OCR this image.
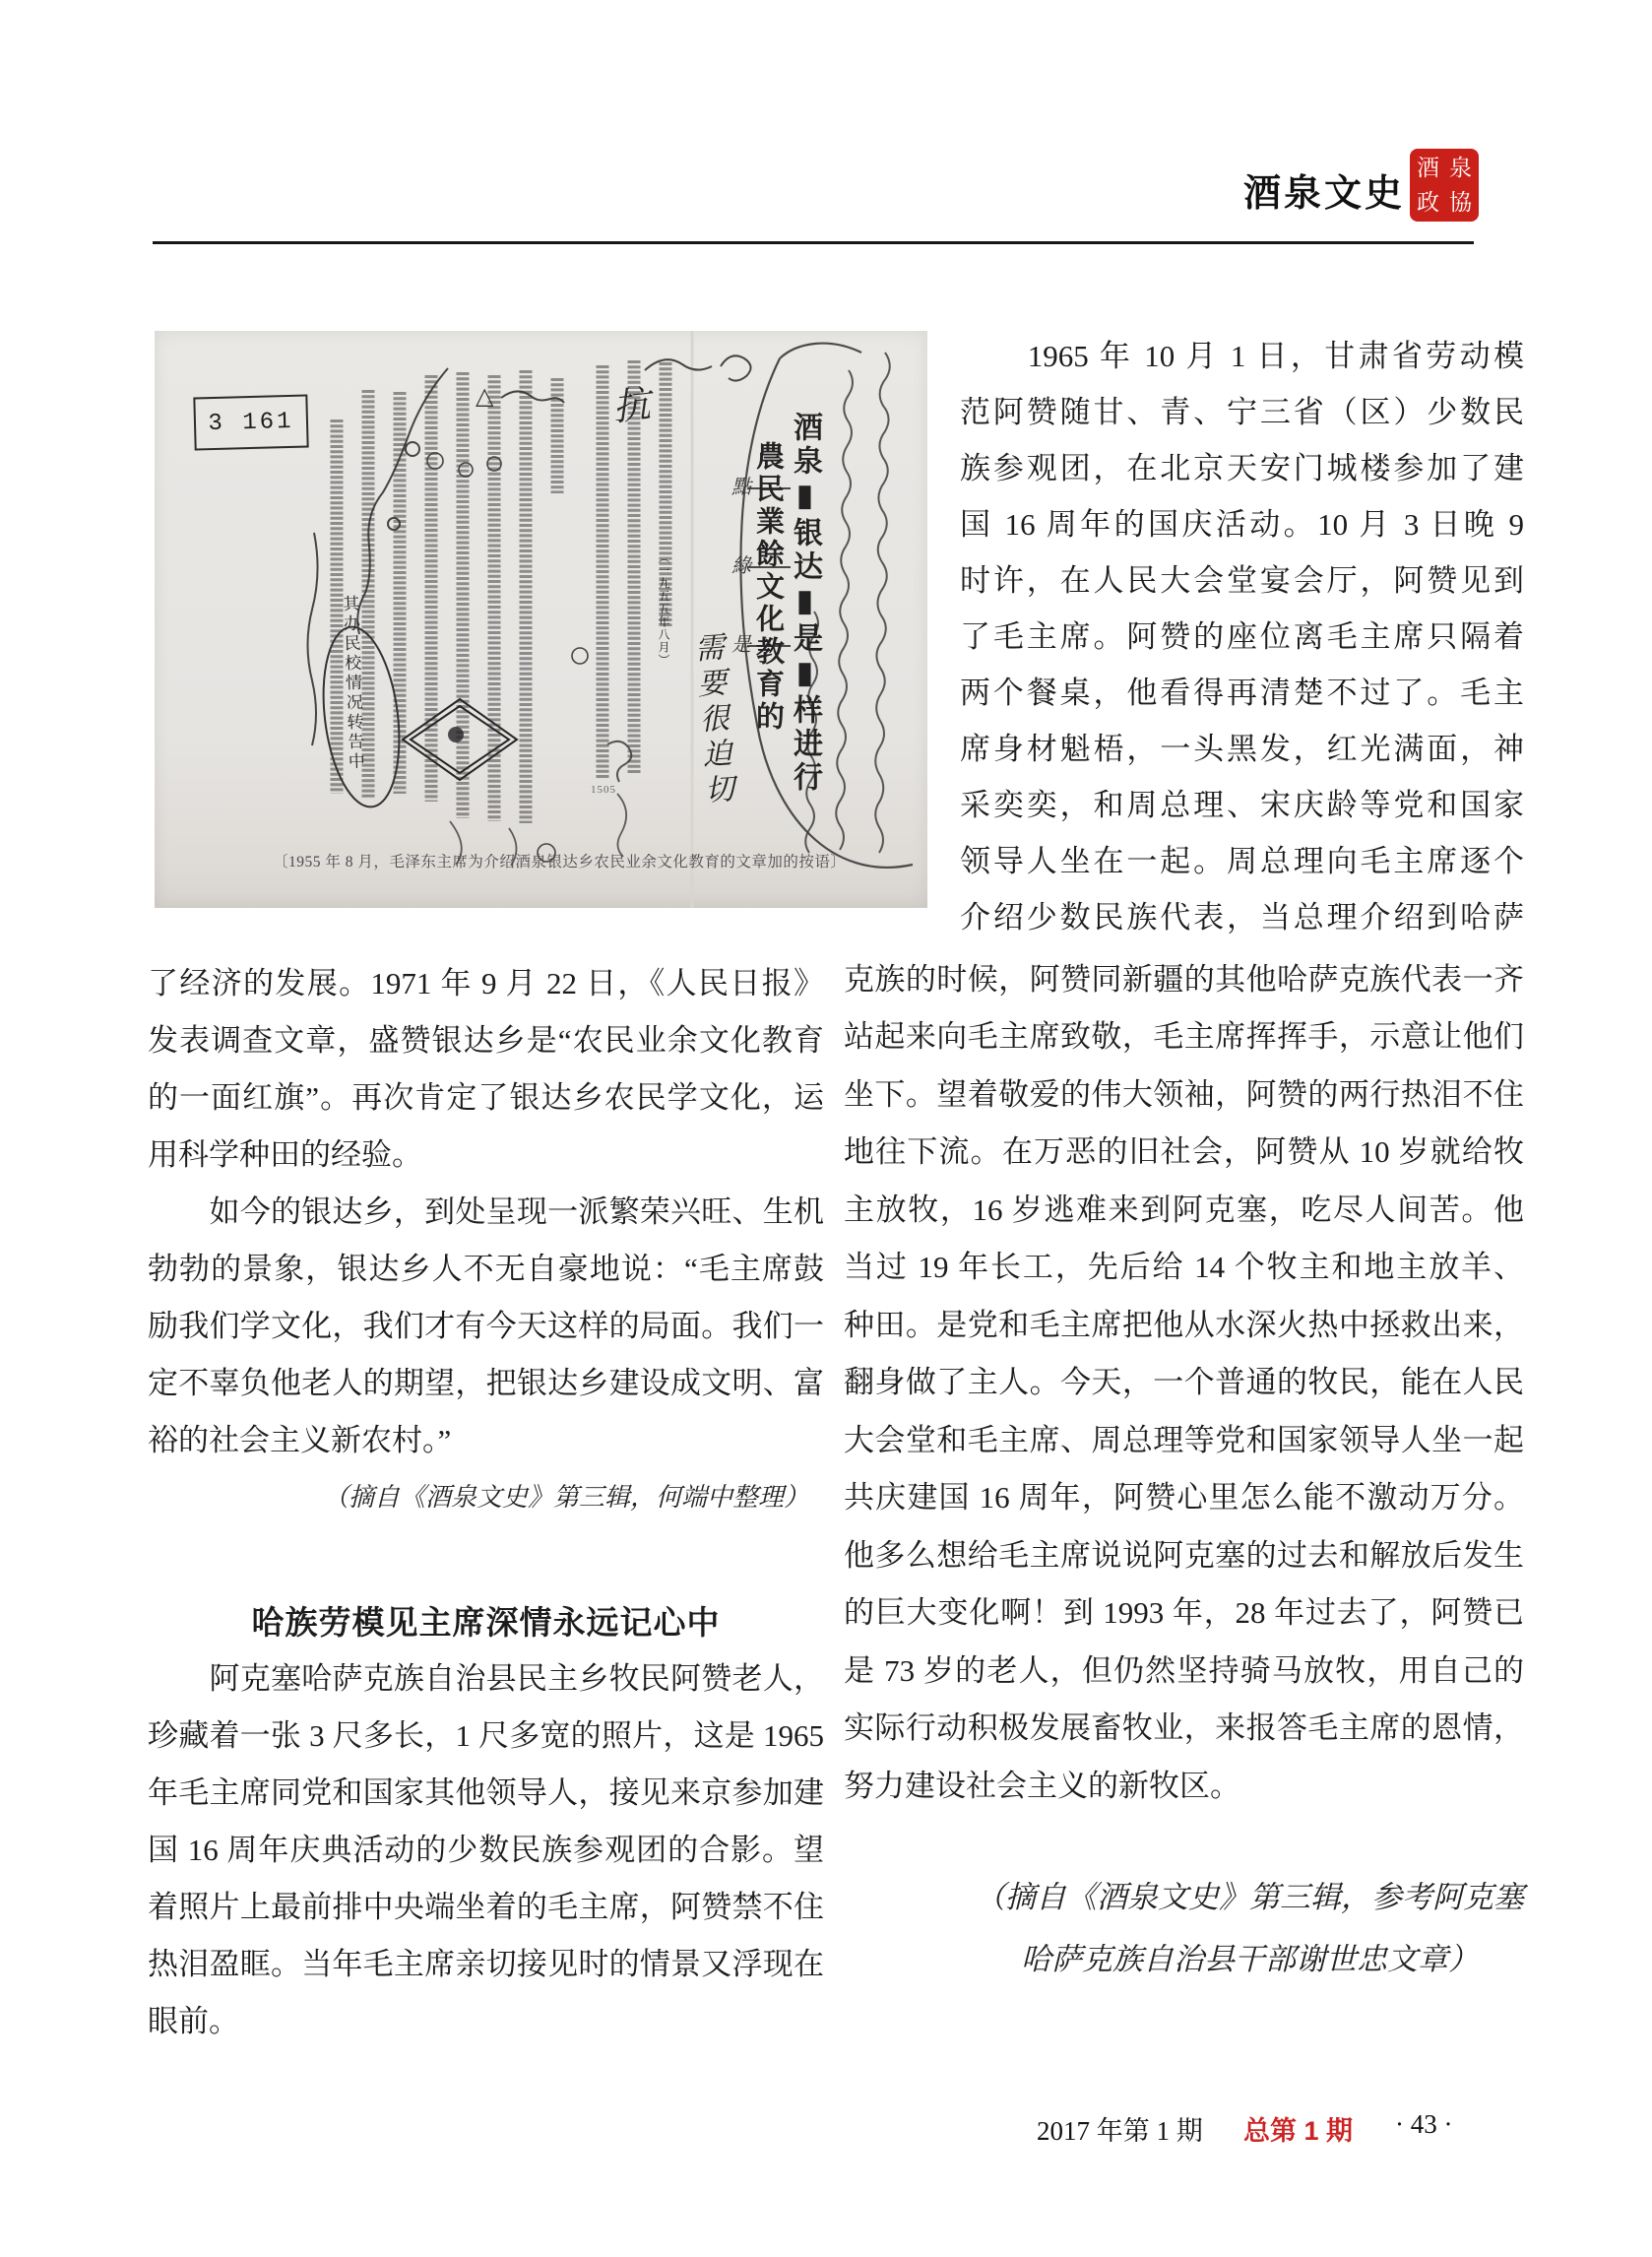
酒泉文史
酒 泉
政 協
3 161
△	抗
酒泉▮银达▮是▮样进行
農民業餘文化教育的
（一九五五年八月）
其办民校情况转告中	需要很迫切
點
綠
是
1505
〔1955 年 8 月，毛泽东主席为介绍酒泉银达乡农民业余文化教育的文章加的按语〕
了经济的发展。1971 年 9 月 22 日，《人民日报》
发表调查文章，盛赞银达乡是“农民业余文化教育
的一面红旗”。再次肯定了银达乡农民学文化，运
用科学种田的经验。
　　如今的银达乡，到处呈现一派繁荣兴旺、生机
勃勃的景象，银达乡人不无自豪地说：“毛主席鼓
励我们学文化，我们才有今天这样的局面。我们一
定不辜负他老人的期望，把银达乡建设成文明、富
裕的社会主义新农村。”
（摘自《酒泉文史》第三辑，何端中整理）
哈族劳模见主席深情永远记心中
　　阿克塞哈萨克族自治县民主乡牧民阿赞老人，
珍藏着一张 3 尺多长，1 尺多宽的照片，这是 1965
年毛主席同党和国家其他领导人，接见来京参加建
国 16 周年庆典活动的少数民族参观团的合影。望
着照片上最前排中央端坐着的毛主席，阿赞禁不住
热泪盈眶。当年毛主席亲切接见时的情景又浮现在
眼前。
　　1965 年 10 月 1 日，甘肃省劳动模
范阿赞随甘、青、宁三省（区）少数民
族参观团，在北京天安门城楼参加了建
国 16 周年的国庆活动。10 月 3 日晚 9
时许，在人民大会堂宴会厅，阿赞见到
了毛主席。阿赞的座位离毛主席只隔着
两个餐桌，他看得再清楚不过了。毛主
席身材魁梧，一头黑发，红光满面，神
采奕奕，和周总理、宋庆龄等党和国家
领导人坐在一起。周总理向毛主席逐个
介绍少数民族代表，当总理介绍到哈萨
克族的时候，阿赞同新疆的其他哈萨克族代表一齐
站起来向毛主席致敬，毛主席挥挥手，示意让他们
坐下。望着敬爱的伟大领袖，阿赞的两行热泪不住
地往下流。在万恶的旧社会，阿赞从 10 岁就给牧
主放牧，16 岁逃难来到阿克塞，吃尽人间苦。他
当过 19 年长工，先后给 14 个牧主和地主放羊、
种田。是党和毛主席把他从水深火热中拯救出来，
翻身做了主人。今天，一个普通的牧民，能在人民
大会堂和毛主席、周总理等党和国家领导人坐一起
共庆建国 16 周年，阿赞心里怎么能不激动万分。
他多么想给毛主席说说阿克塞的过去和解放后发生
的巨大变化啊！到 1993 年，28 年过去了，阿赞已
是 73 岁的老人，但仍然坚持骑马放牧，用自己的
实际行动积极发展畜牧业，来报答毛主席的恩情，
努力建设社会主义的新牧区。
（摘自《酒泉文史》第三辑，参考阿克塞
哈萨克族自治县干部谢世忠文章）
2017 年第 1 期 总第 1 期 · 43 ·
